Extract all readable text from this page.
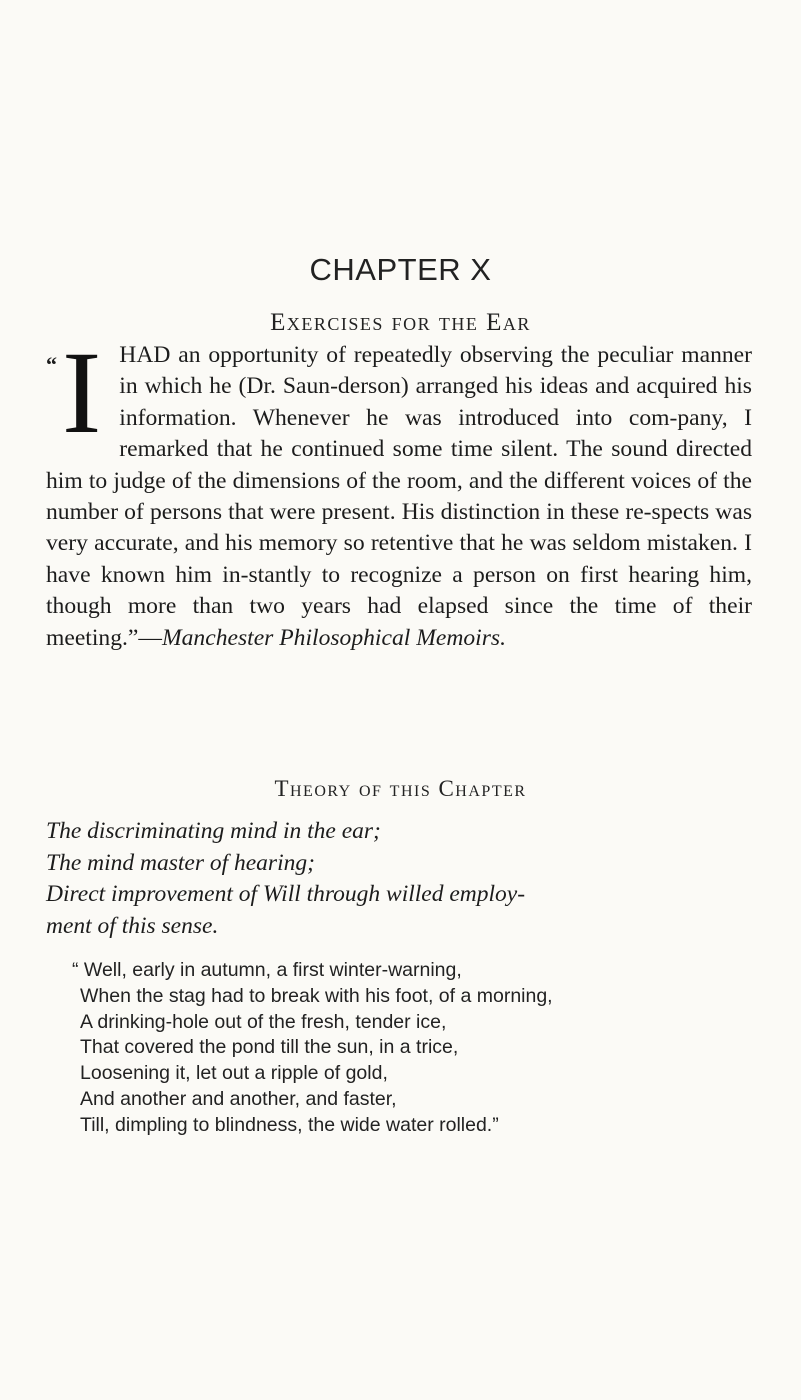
CHAPTER X
Exercises for the Ear
“ IHAD an opportunity of repeatedly observing the peculiar manner in which he (Dr. Saun-derson) arranged his ideas and acquired his information. Whenever he was introduced into com-pany, I remarked that he continued some time silent. The sound directed him to judge of the dimensions of the room, and the different voices of the number of persons that were present. His distinction in these re-spects was very accurate, and his memory so retentive that he was seldom mistaken. I have known him in-stantly to recognize a person on first hearing him, though more than two years had elapsed since the time of their meeting.”—Manchester Philosophical Memoirs.

Theory of this Chapter
The discriminating mind in the ear;
The mind master of hearing;
Direct improvement of Will through willed employ-
ment of this sense.
“ Well, early in autumn, a first winter-warning,
When the stag had to break with his foot, of a morning,
A drinking-hole out of the fresh, tender ice,
That covered the pond till the sun, in a trice,
Loosening it, let out a ripple of gold,
And another and another, and faster,
Till, dimpling to blindness, the wide water rolled.”
